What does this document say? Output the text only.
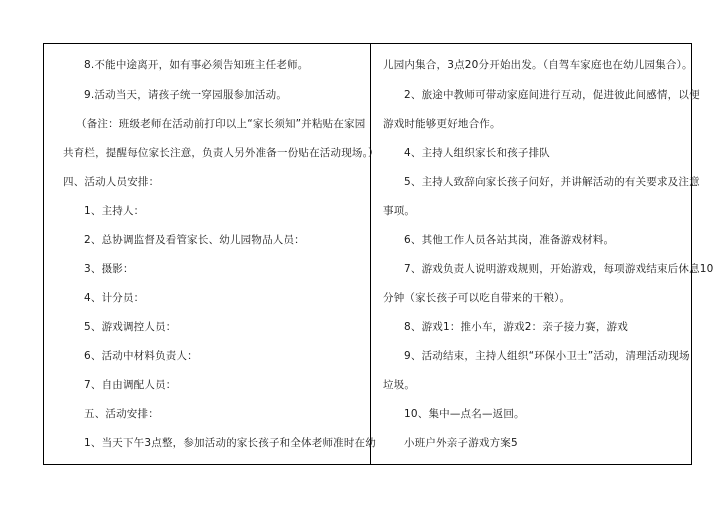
8.不能中途离开，如有事必须告知班主任老师。
9.活动当天，请孩子统一穿园服参加活动。
（备注：班级老师在活动前打印以上“家长须知”并粘贴在家园
共育栏，提醒每位家长注意，负责人另外准备一份贴在活动现场。）
四、活动人员安排：
1、主持人：
2、总协调监督及看管家长、幼儿园物品人员：
3、摄影：
4、计分员：
5、游戏调控人员：
6、活动中材料负责人：
7、自由调配人员：
五、活动安排：
1、当天下午3点整，参加活动的家长孩子和全体老师准时在幼
儿园内集合，3点20分开始出发。（自驾车家庭也在幼儿园集合）。
2、旅途中教师可带动家庭间进行互动，促进彼此间感情，以便
游戏时能够更好地合作。
4、主持人组织家长和孩子排队
5、主持人致辞向家长孩子问好，并讲解活动的有关要求及注意
事项。
6、其他工作人员各站其岗，准备游戏材料。
7、游戏负责人说明游戏规则，开始游戏，每项游戏结束后休息10
分钟（家长孩子可以吃自带来的干粮）。
8、游戏1：推小车，游戏2：亲子接力赛，游戏
9、活动结束，主持人组织“环保小卫士”活动，清理活动现场
垃圾。
10、集中—点名—返回。
小班户外亲子游戏方案5
